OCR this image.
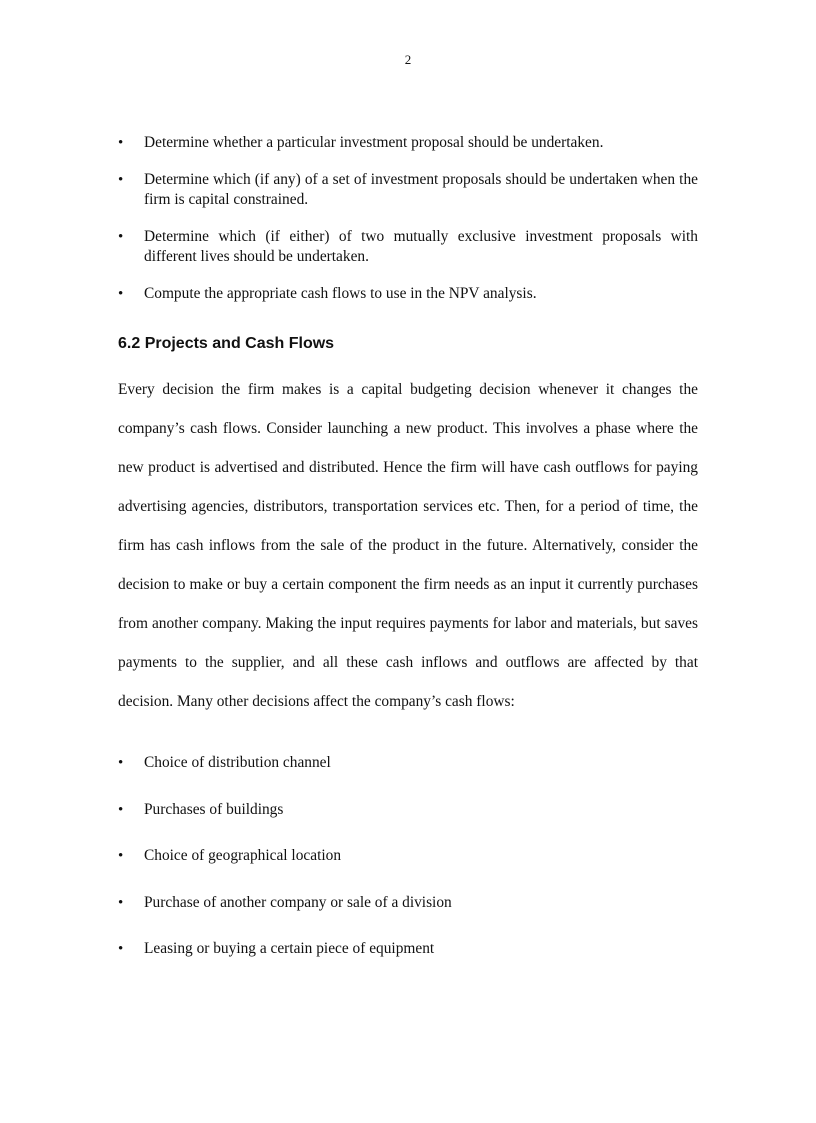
2
• Determine whether a particular investment proposal should be undertaken.
• Determine which (if any) of a set of investment proposals should be undertaken when the firm is capital constrained.
• Determine which (if either) of two mutually exclusive investment proposals with different lives should be undertaken.
• Compute the appropriate cash flows to use in the NPV analysis.
6.2 Projects and Cash Flows

Every decision the firm makes is a capital budgeting decision whenever it changes the company’s cash flows. Consider launching a new product. This involves a phase where the new product is advertised and distributed. Hence the firm will have cash outflows for paying advertising agencies, distributors, transportation services etc. Then, for a period of time, the firm has cash inflows from the sale of the product in the future. Alternatively, consider the decision to make or buy a certain component the firm needs as an input it currently purchases from another company. Making the input requires payments for labor and materials, but saves payments to the supplier, and all these cash inflows and outflows are affected by that decision. Many other decisions affect the company’s cash flows:

• Choice of distribution channel
• Purchases of buildings
• Choice of geographical location
• Purchase of another company or sale of a division
• Leasing or buying a certain piece of equipment
